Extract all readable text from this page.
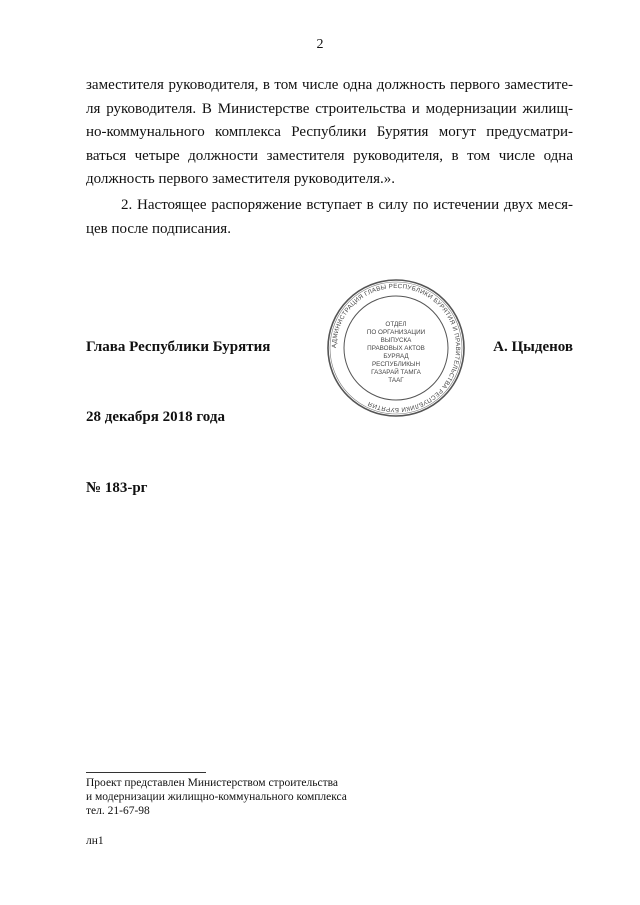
2
заместителя руководителя, в том числе одна должность первого заместите-
ля руководителя. В Министерстве строительства и модернизации жилищ-
но-коммунального комплекса Республики Бурятия могут предусматри-
ваться четыре должности заместителя руководителя, в том числе одна
должность первого заместителя руководителя.».
2. Настоящее распоряжение вступает в силу по истечении двух меся-
цев после подписания.
АДМИНИСТРАЦИЯ ГЛАВЫ РЕСПУБЛИКИ БУРЯТИЯ И ПРАВИТЕЛЬСТВА РЕСПУБЛИКИ БУРЯТИЯ
ОТДЕЛ
ПО ОРГАНИЗАЦИИ
ВЫПУСКА
ПРАВОВЫХ АКТОВ
БУРЯАД
РЕСПУБЛИКЫН
ГАЗАРАЙ ТАМГА
ТААГ
Глава Республики Бурятия	А. Цыденов
28 декабря 2018 года
№ 183-рг
Проект представлен Министерством строительства
и модернизации жилищно-коммунального комплекса
тел. 21-67-98
лн1
